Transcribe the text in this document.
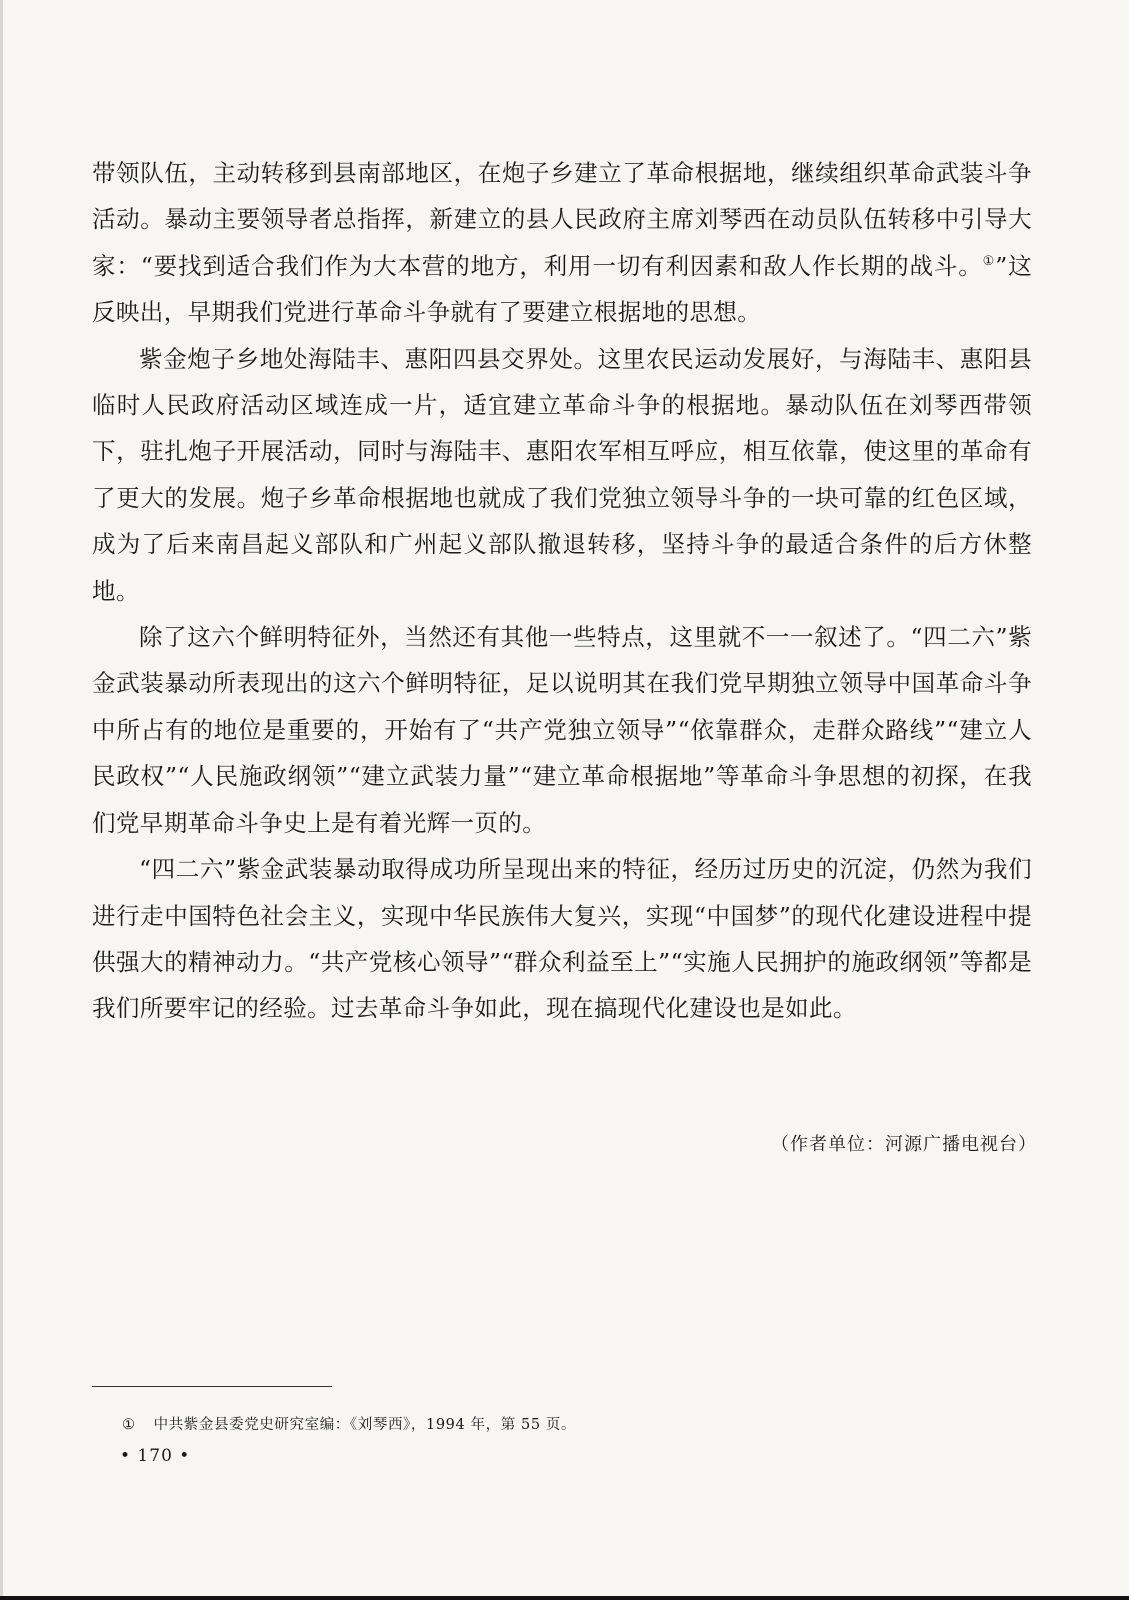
带领队伍，主动转移到县南部地区，在炮子乡建立了革命根据地，继续组织革命武装斗争活动。暴动主要领导者总指挥，新建立的县人民政府主席刘琴西在动员队伍转移中引导大家：“要找到适合我们作为大本营的地方，利用一切有利因素和敌人作长期的战斗。①”这反映出，早期我们党进行革命斗争就有了要建立根据地的思想。

紫金炮子乡地处海陆丰、惠阳四县交界处。这里农民运动发展好，与海陆丰、惠阳县临时人民政府活动区域连成一片，适宜建立革命斗争的根据地。暴动队伍在刘琴西带领下，驻扎炮子开展活动，同时与海陆丰、惠阳农军相互呼应，相互依靠，使这里的革命有了更大的发展。炮子乡革命根据地也就成了我们党独立领导斗争的一块可靠的红色区域，成为了后来南昌起义部队和广州起义部队撤退转移，坚持斗争的最适合条件的后方休整地。

除了这六个鲜明特征外，当然还有其他一些特点，这里就不一一叙述了。“四二六”紫金武装暴动所表现出的这六个鲜明特征，足以说明其在我们党早期独立领导中国革命斗争中所占有的地位是重要的，开始有了“共产党独立领导”“依靠群众，走群众路线”“建立人民政权”“人民施政纲领”“建立武装力量”“建立革命根据地”等革命斗争思想的初探，在我们党早期革命斗争史上是有着光辉一页的。

“四二六”紫金武装暴动取得成功所呈现出来的特征，经历过历史的沉淀，仍然为我们进行走中国特色社会主义，实现中华民族伟大复兴，实现“中国梦”的现代化建设进程中提供强大的精神动力。“共产党核心领导”“群众利益至上”“实施人民拥护的施政纲领”等都是我们所要牢记的经验。过去革命斗争如此，现在搞现代化建设也是如此。

（作者单位：河源广播电视台）
① 中共紫金县委党史研究室编：《刘琴西》，1994 年，第 55 页。
• 170 •
